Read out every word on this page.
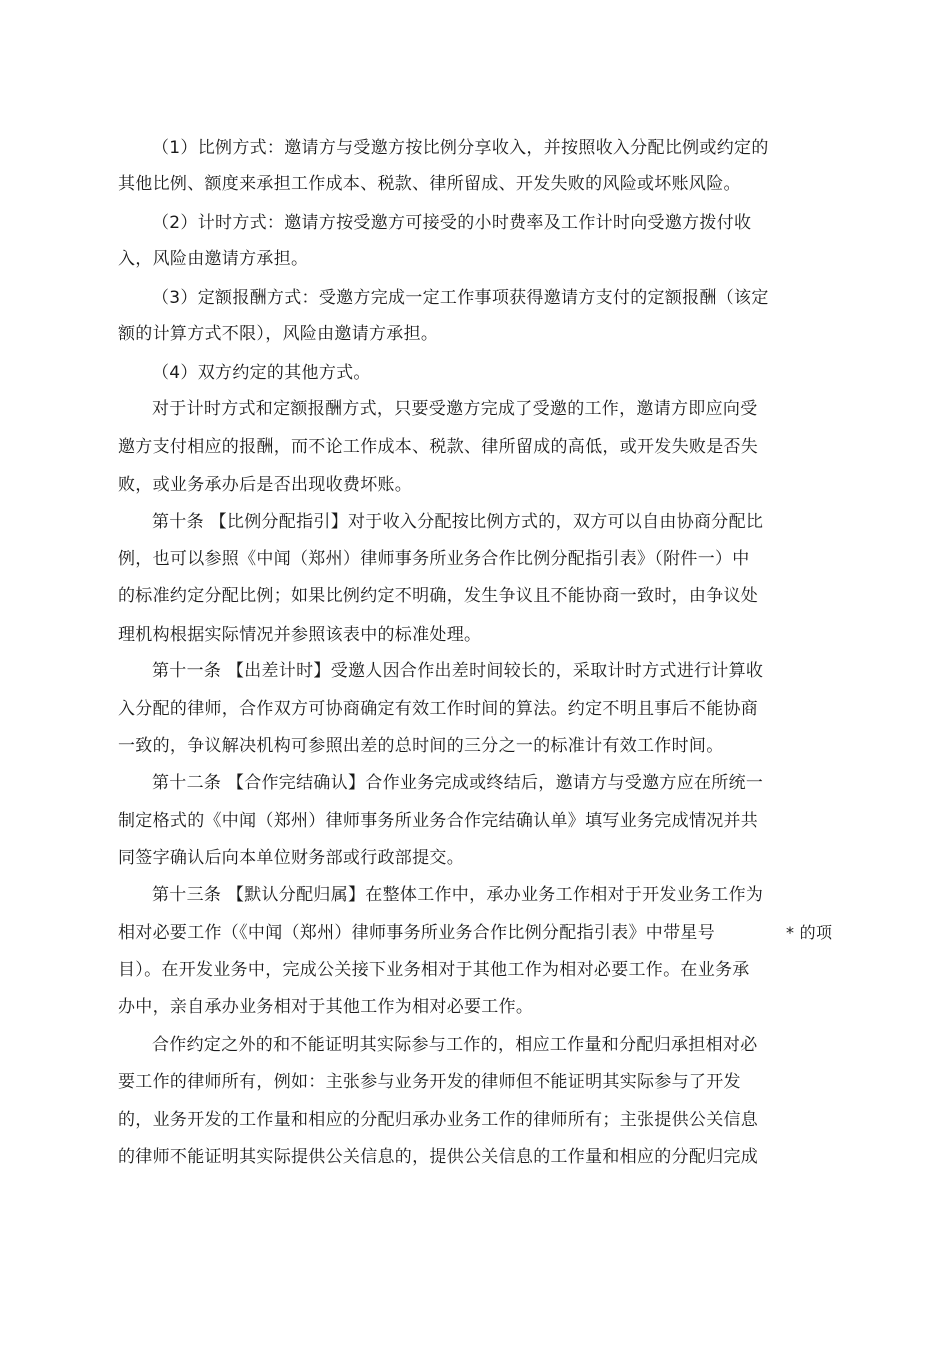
（1）比例方式：邀请方与受邀方按比例分享收入，并按照收入分配比例或约定的
其他比例、额度来承担工作成本、税款、律所留成、开发失败的风险或坏账风险。
（2）计时方式：邀请方按受邀方可接受的小时费率及工作计时向受邀方拨付收
入，风险由邀请方承担。
（3）定额报酬方式：受邀方完成一定工作事项获得邀请方支付的定额报酬（该定
额的计算方式不限），风险由邀请方承担。
（4）双方约定的其他方式。
对于计时方式和定额报酬方式，只要受邀方完成了受邀的工作，邀请方即应向受
邀方支付相应的报酬，而不论工作成本、税款、律所留成的高低，或开发失败是否失
败，或业务承办后是否出现收费坏账。
第十条 【比例分配指引】对于收入分配按比例方式的，双方可以自由协商分配比
例，也可以参照《中闻（郑州）律师事务所业务合作比例分配指引表》（附件一）中
的标准约定分配比例；如果比例约定不明确，发生争议且不能协商一致时，由争议处
理机构根据实际情况并参照该表中的标准处理。
第十一条 【出差计时】受邀人因合作出差时间较长的，采取计时方式进行计算收
入分配的律师，合作双方可协商确定有效工作时间的算法。约定不明且事后不能协商
一致的，争议解决机构可参照出差的总时间的三分之一的标准计有效工作时间。
第十二条 【合作完结确认】合作业务完成或终结后，邀请方与受邀方应在所统一
制定格式的《中闻（郑州）律师事务所业务合作完结确认单》填写业务完成情况并共
同签字确认后向本单位财务部或行政部提交。
第十三条 【默认分配归属】在整体工作中，承办业务工作相对于开发业务工作为
相对必要工作（《中闻（郑州）律师事务所业务合作比例分配指引表》中带星号	* 的项
目）。在开发业务中，完成公关接下业务相对于其他工作为相对必要工作。在业务承
办中，亲自承办业务相对于其他工作为相对必要工作。
合作约定之外的和不能证明其实际参与工作的，相应工作量和分配归承担相对必
要工作的律师所有，例如：主张参与业务开发的律师但不能证明其实际参与了开发
的，业务开发的工作量和相应的分配归承办业务工作的律师所有；主张提供公关信息
的律师不能证明其实际提供公关信息的，提供公关信息的工作量和相应的分配归完成
